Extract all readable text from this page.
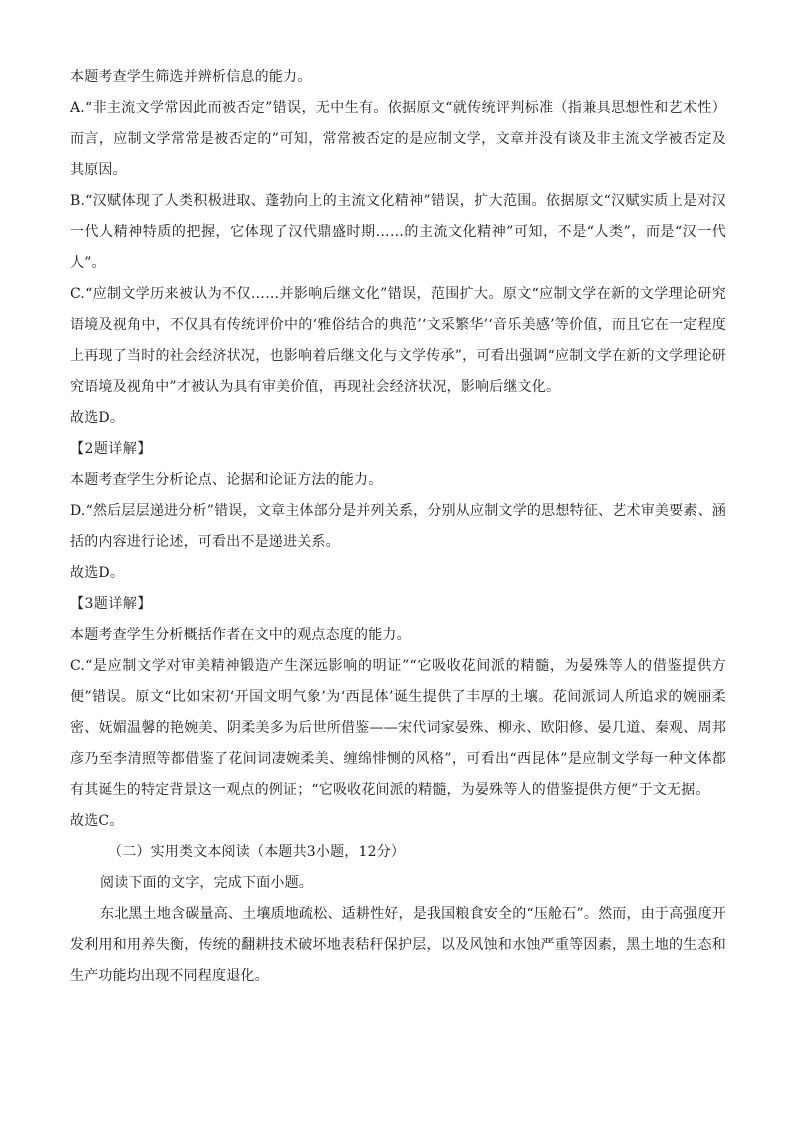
本题考查学生筛选并辨析信息的能力。

A.“非主流文学常因此而被否定”错误，无中生有。依据原文“就传统评判标准（指兼具思想性和艺术性）而言，应制文学常常是被否定的”可知，常常被否定的是应制文学，文章并没有谈及非主流文学被否定及其原因。

B.“汉赋体现了人类积极进取、蓬勃向上的主流文化精神”错误，扩大范围。依据原文“汉赋实质上是对汉一代人精神特质的把握，它体现了汉代鼎盛时期……的主流文化精神”可知，不是“人类”，而是“汉一代人”。

C.“应制文学历来被认为不仅……并影响后继文化”错误，范围扩大。原文“应制文学在新的文学理论研究语境及视角中，不仅具有传统评价中的‘雅俗结合的典范’‘文采繁华’‘音乐美感’等价值，而且它在一定程度上再现了当时的社会经济状况，也影响着后继文化与文学传承”，可看出强调“应制文学在新的文学理论研究语境及视角中”才被认为具有审美价值，再现社会经济状况，影响后继文化。

故选D。

【2题详解】

本题考查学生分析论点、论据和论证方法的能力。

D.“然后层层递进分析”错误，文章主体部分是并列关系，分别从应制文学的思想特征、艺术审美要素、涵括的内容进行论述，可看出不是递进关系。

故选D。

【3题详解】

本题考查学生分析概括作者在文中的观点态度的能力。

C.“是应制文学对审美精神锻造产生深远影响的明证”“它吸收花间派的精髓，为晏殊等人的借鉴提供方便”错误。原文“比如宋初‘开国文明气象’为‘西昆体’诞生提供了丰厚的土壤。花间派词人所追求的婉丽柔密、妩媚温馨的艳婉美、阴柔美多为后世所借鉴——宋代词家晏殊、柳永、欧阳修、晏几道、秦观、周邦彦乃至李清照等都借鉴了花间词凄婉柔美、缠绵悱恻的风格”，可看出“西昆体”是应制文学每一种文体都有其诞生的特定背景这一观点的例证；“它吸收花间派的精髓，为晏殊等人的借鉴提供方便”于文无据。

故选C。

（二）实用类文本阅读（本题共3小题，12分）

阅读下面的文字，完成下面小题。

东北黑土地含碳量高、土壤质地疏松、适耕性好，是我国粮食安全的“压舱石”。然而，由于高强度开发利用和用养失衡，传统的翻耕技术破坏地表秸秆保护层，以及风蚀和水蚀严重等因素，黑土地的生态和生产功能均出现不同程度退化。
